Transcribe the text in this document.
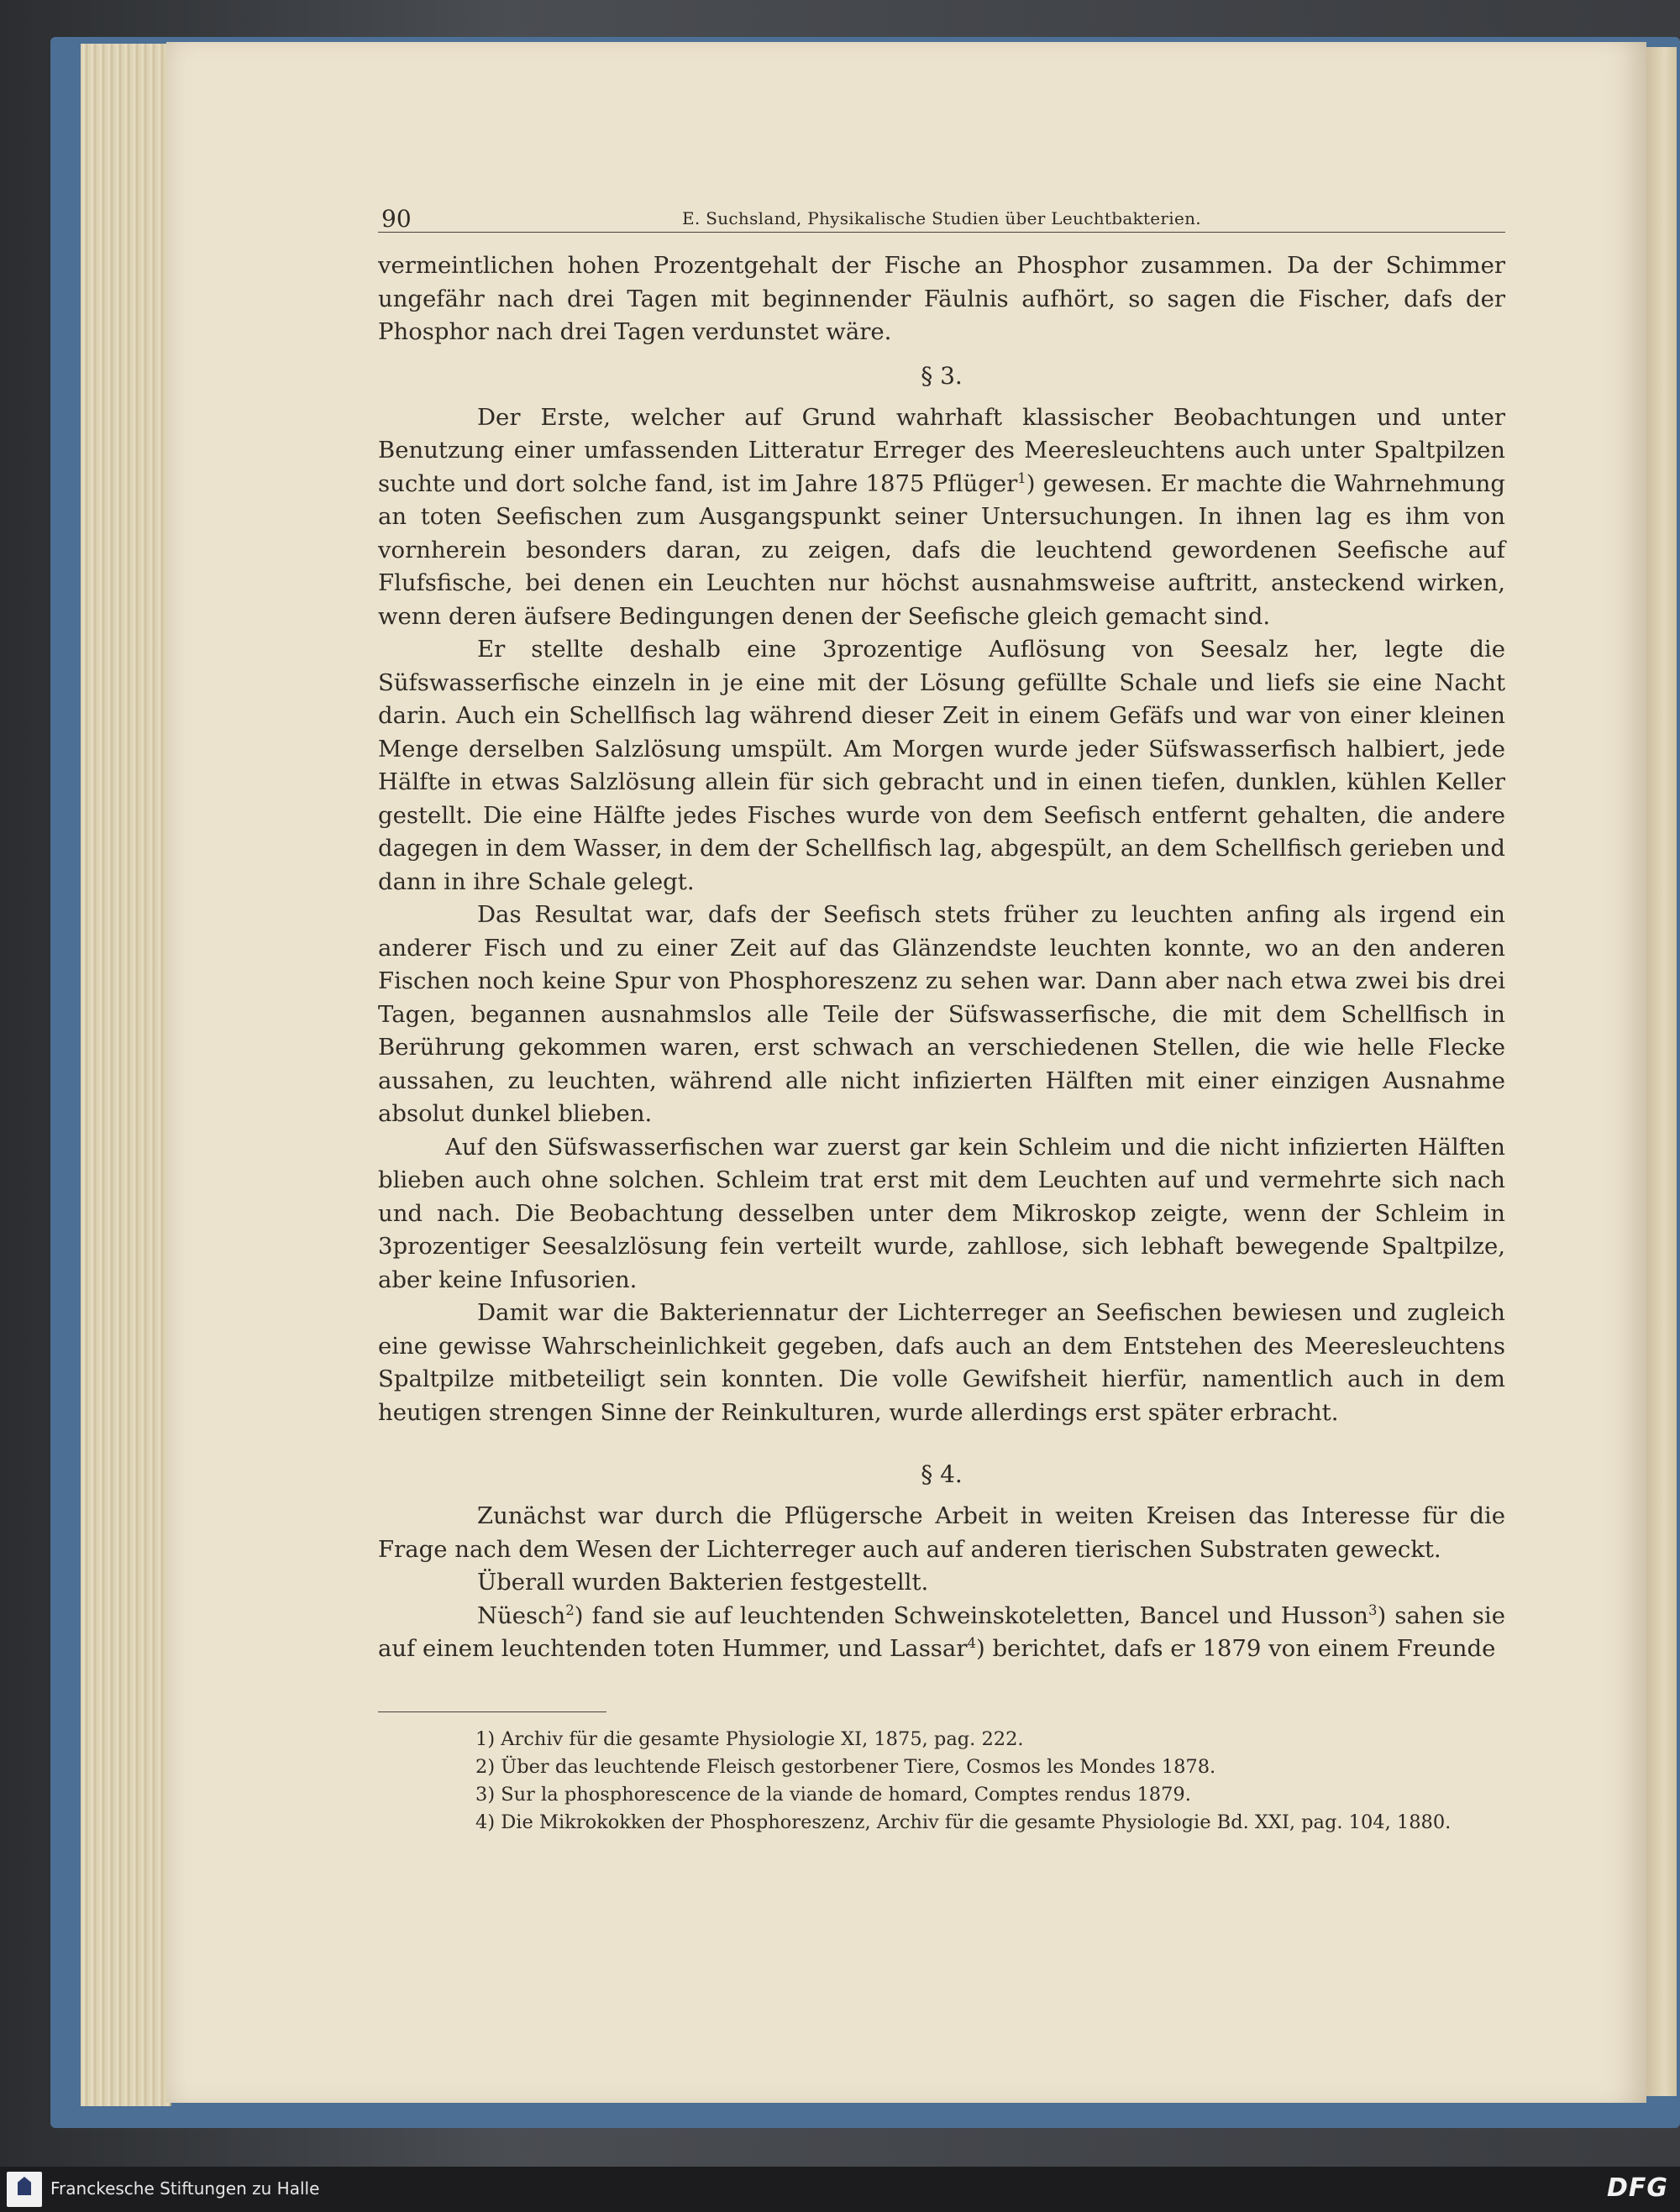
90	E. Suchsland, Physikalische Studien über Leuchtbakterien.

vermeintlichen hohen Prozentgehalt der Fische an Phosphor zusammen. Da der Schimmer ungefähr nach drei Tagen mit beginnender Fäulnis aufhört, so sagen die Fischer, dafs der Phosphor nach drei Tagen verdunstet wäre.

§ 3.

Der Erste, welcher auf Grund wahrhaft klassischer Beobachtungen und unter Benutzung einer umfassenden Litteratur Erreger des Meeresleuchtens auch unter Spaltpilzen suchte und dort solche fand, ist im Jahre 1875 Pflüger$^1$) gewesen. Er machte die Wahrnehmung an toten Seefischen zum Ausgangspunkt seiner Untersuchungen. In ihnen lag es ihm von vornherein besonders daran, zu zeigen, dafs die leuchtend gewordenen Seefische auf Flufsfische, bei denen ein Leuchten nur höchst ausnahmsweise auftritt, ansteckend wirken, wenn deren äufsere Bedingungen denen der Seefische gleich gemacht sind.

Er stellte deshalb eine 3prozentige Auflösung von Seesalz her, legte die Süfswasserfische einzeln in je eine mit der Lösung gefüllte Schale und liefs sie eine Nacht darin. Auch ein Schellfisch lag während dieser Zeit in einem Gefäfs und war von einer kleinen Menge derselben Salzlösung umspült. Am Morgen wurde jeder Süfswasserfisch halbiert, jede Hälfte in etwas Salzlösung allein für sich gebracht und in einen tiefen, dunklen, kühlen Keller gestellt. Die eine Hälfte jedes Fisches wurde von dem Seefisch entfernt gehalten, die andere dagegen in dem Wasser, in dem der Schellfisch lag, abgespült, an dem Schellfisch gerieben und dann in ihre Schale gelegt.

Das Resultat war, dafs der Seefisch stets früher zu leuchten anfing als irgend ein anderer Fisch und zu einer Zeit auf das Glänzendste leuchten konnte, wo an den anderen Fischen noch keine Spur von Phosphoreszenz zu sehen war. Dann aber nach etwa zwei bis drei Tagen, begannen ausnahmslos alle Teile der Süfswasserfische, die mit dem Schellfisch in Berührung gekommen waren, erst schwach an verschiedenen Stellen, die wie helle Flecke aussahen, zu leuchten, während alle nicht infizierten Hälften mit einer einzigen Ausnahme absolut dunkel blieben.

Auf den Süfswasserfischen war zuerst gar kein Schleim und die nicht infizierten Hälften blieben auch ohne solchen. Schleim trat erst mit dem Leuchten auf und vermehrte sich nach und nach. Die Beobachtung desselben unter dem Mikroskop zeigte, wenn der Schleim in 3prozentiger Seesalzlösung fein verteilt wurde, zahllose, sich lebhaft bewegende Spaltpilze, aber keine Infusorien.

Damit war die Bakteriennatur der Lichterreger an Seefischen bewiesen und zugleich eine gewisse Wahrscheinlichkeit gegeben, dafs auch an dem Entstehen des Meeresleuchtens Spaltpilze mitbeteiligt sein konnten. Die volle Gewifsheit hierfür, namentlich auch in dem heutigen strengen Sinne der Reinkulturen, wurde allerdings erst später erbracht.

§ 4.

Zunächst war durch die Pflügersche Arbeit in weiten Kreisen das Interesse für die Frage nach dem Wesen der Lichterreger auch auf anderen tierischen Substraten geweckt.

Überall wurden Bakterien festgestellt.

Nüesch$^2$) fand sie auf leuchtenden Schweinskoteletten, Bancel und Husson$^3$) sahen sie auf einem leuchtenden toten Hummer, und Lassar$^4$) berichtet, dafs er 1879 von einem Freunde

1) Archiv für die gesamte Physiologie XI, 1875, pag. 222.
2) Über das leuchtende Fleisch gestorbener Tiere, Cosmos les Mondes 1878.
3) Sur la phosphorescence de la viande de homard, Comptes rendus 1879.
4) Die Mikrokokken der Phosphoreszenz, Archiv für die gesamte Physiologie Bd. XXI, pag. 104, 1880.
Franckesche Stiftungen zu Halle	DFG
